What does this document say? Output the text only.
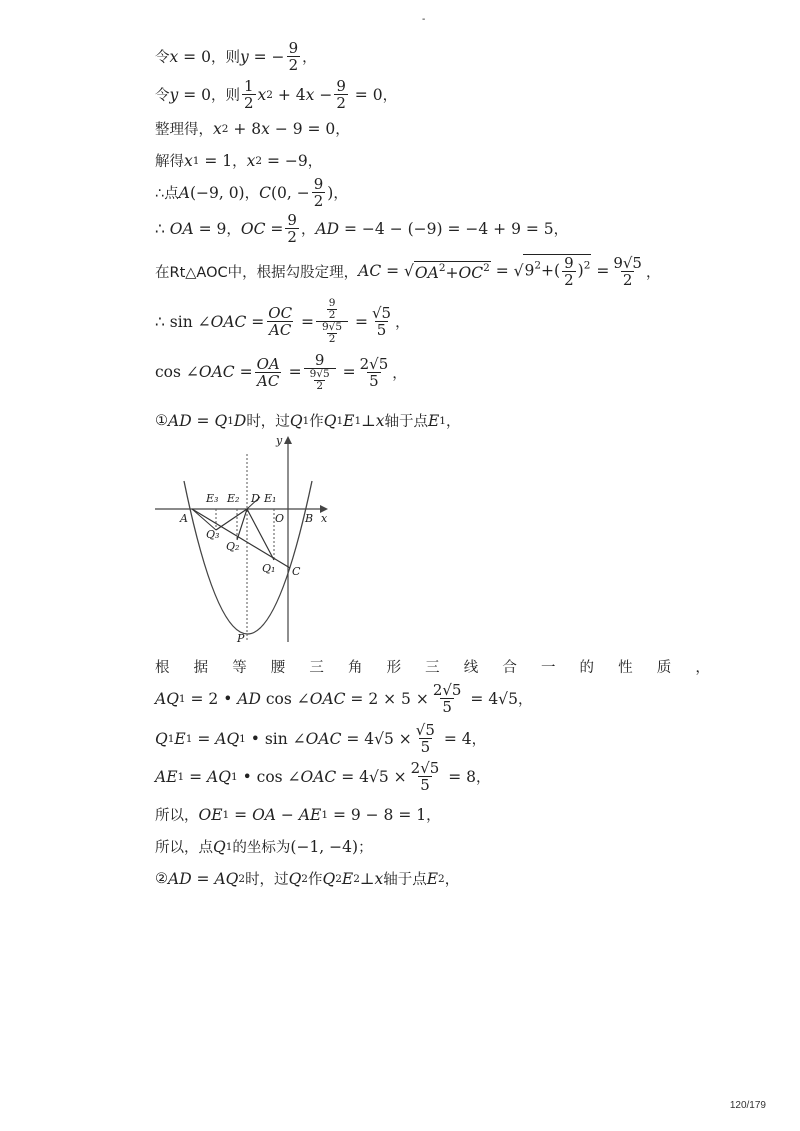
-
令 x = 0 ，则 y = − $\frac{9}{2}$ ，
令 y = 0 ，则 $\frac{1}{2}$ x 2 + 4 $x - \frac{9}{2} = 0$ ，
整理得， x 2 + 8 x − 9 = 0 ，
解得 x 1 = 1 ， x 2 = −9 ，
∴点 A (−9, 0) ， C (0, − $\frac{9}{2}$ ) ，
∴ OA = 9 ， OC = $\frac{9}{2}$ ， AD = −4 − (−9) = −4 + 9 = 5 ，
在Rt△AOC中，根据勾股定理， AC = √ $OA^2+OC^2$ = √ $9^2+( \frac{9}{2} )^2 = \frac{9√5}{2}$ ，
∴ sin ∠ OAC = $\frac{OC}{AC} = \frac{\frac{9}{2}}{\frac{9√5}{2}} = \frac{√5}{5}$ ，
cos ∠ OAC = $\frac{OA}{AC} = \frac{9}{\frac{9√5}{2}} = \frac{2√5}{5}$ ，
① AD = Q 1 D 时，过 Q 1 作 Q 1 E 1 ⊥ x 轴于点 E 1 ，
y
x
A	B
O
C
P
D E₁
E₂
E₃
Q₁
Q₂
Q₃
根 据 等 腰 三 角 形 三 线 合 一 的 性 质 ，
AQ 1 = 2 • AD cos ∠ OAC = $2 \times 5 \times \frac{2√5}{5} = 4√5$ ，
Q 1 E 1 = AQ 1 • sin ∠ OAC = $4√5 \times \frac{√5}{5} = 4$ ，
AE 1 = AQ 1 • cos ∠ OAC = $4√5 \times \frac{2√5}{5} = 8$ ，
所以， OE 1 = OA − AE 1 = 9 − 8 = 1 ，
所以，点 Q 1 的坐标为 (−1, −4) ；
② AD = AQ 2 时，过 Q 2 作 Q 2 E 2 ⊥ x 轴于点 E 2 ，
120/179
